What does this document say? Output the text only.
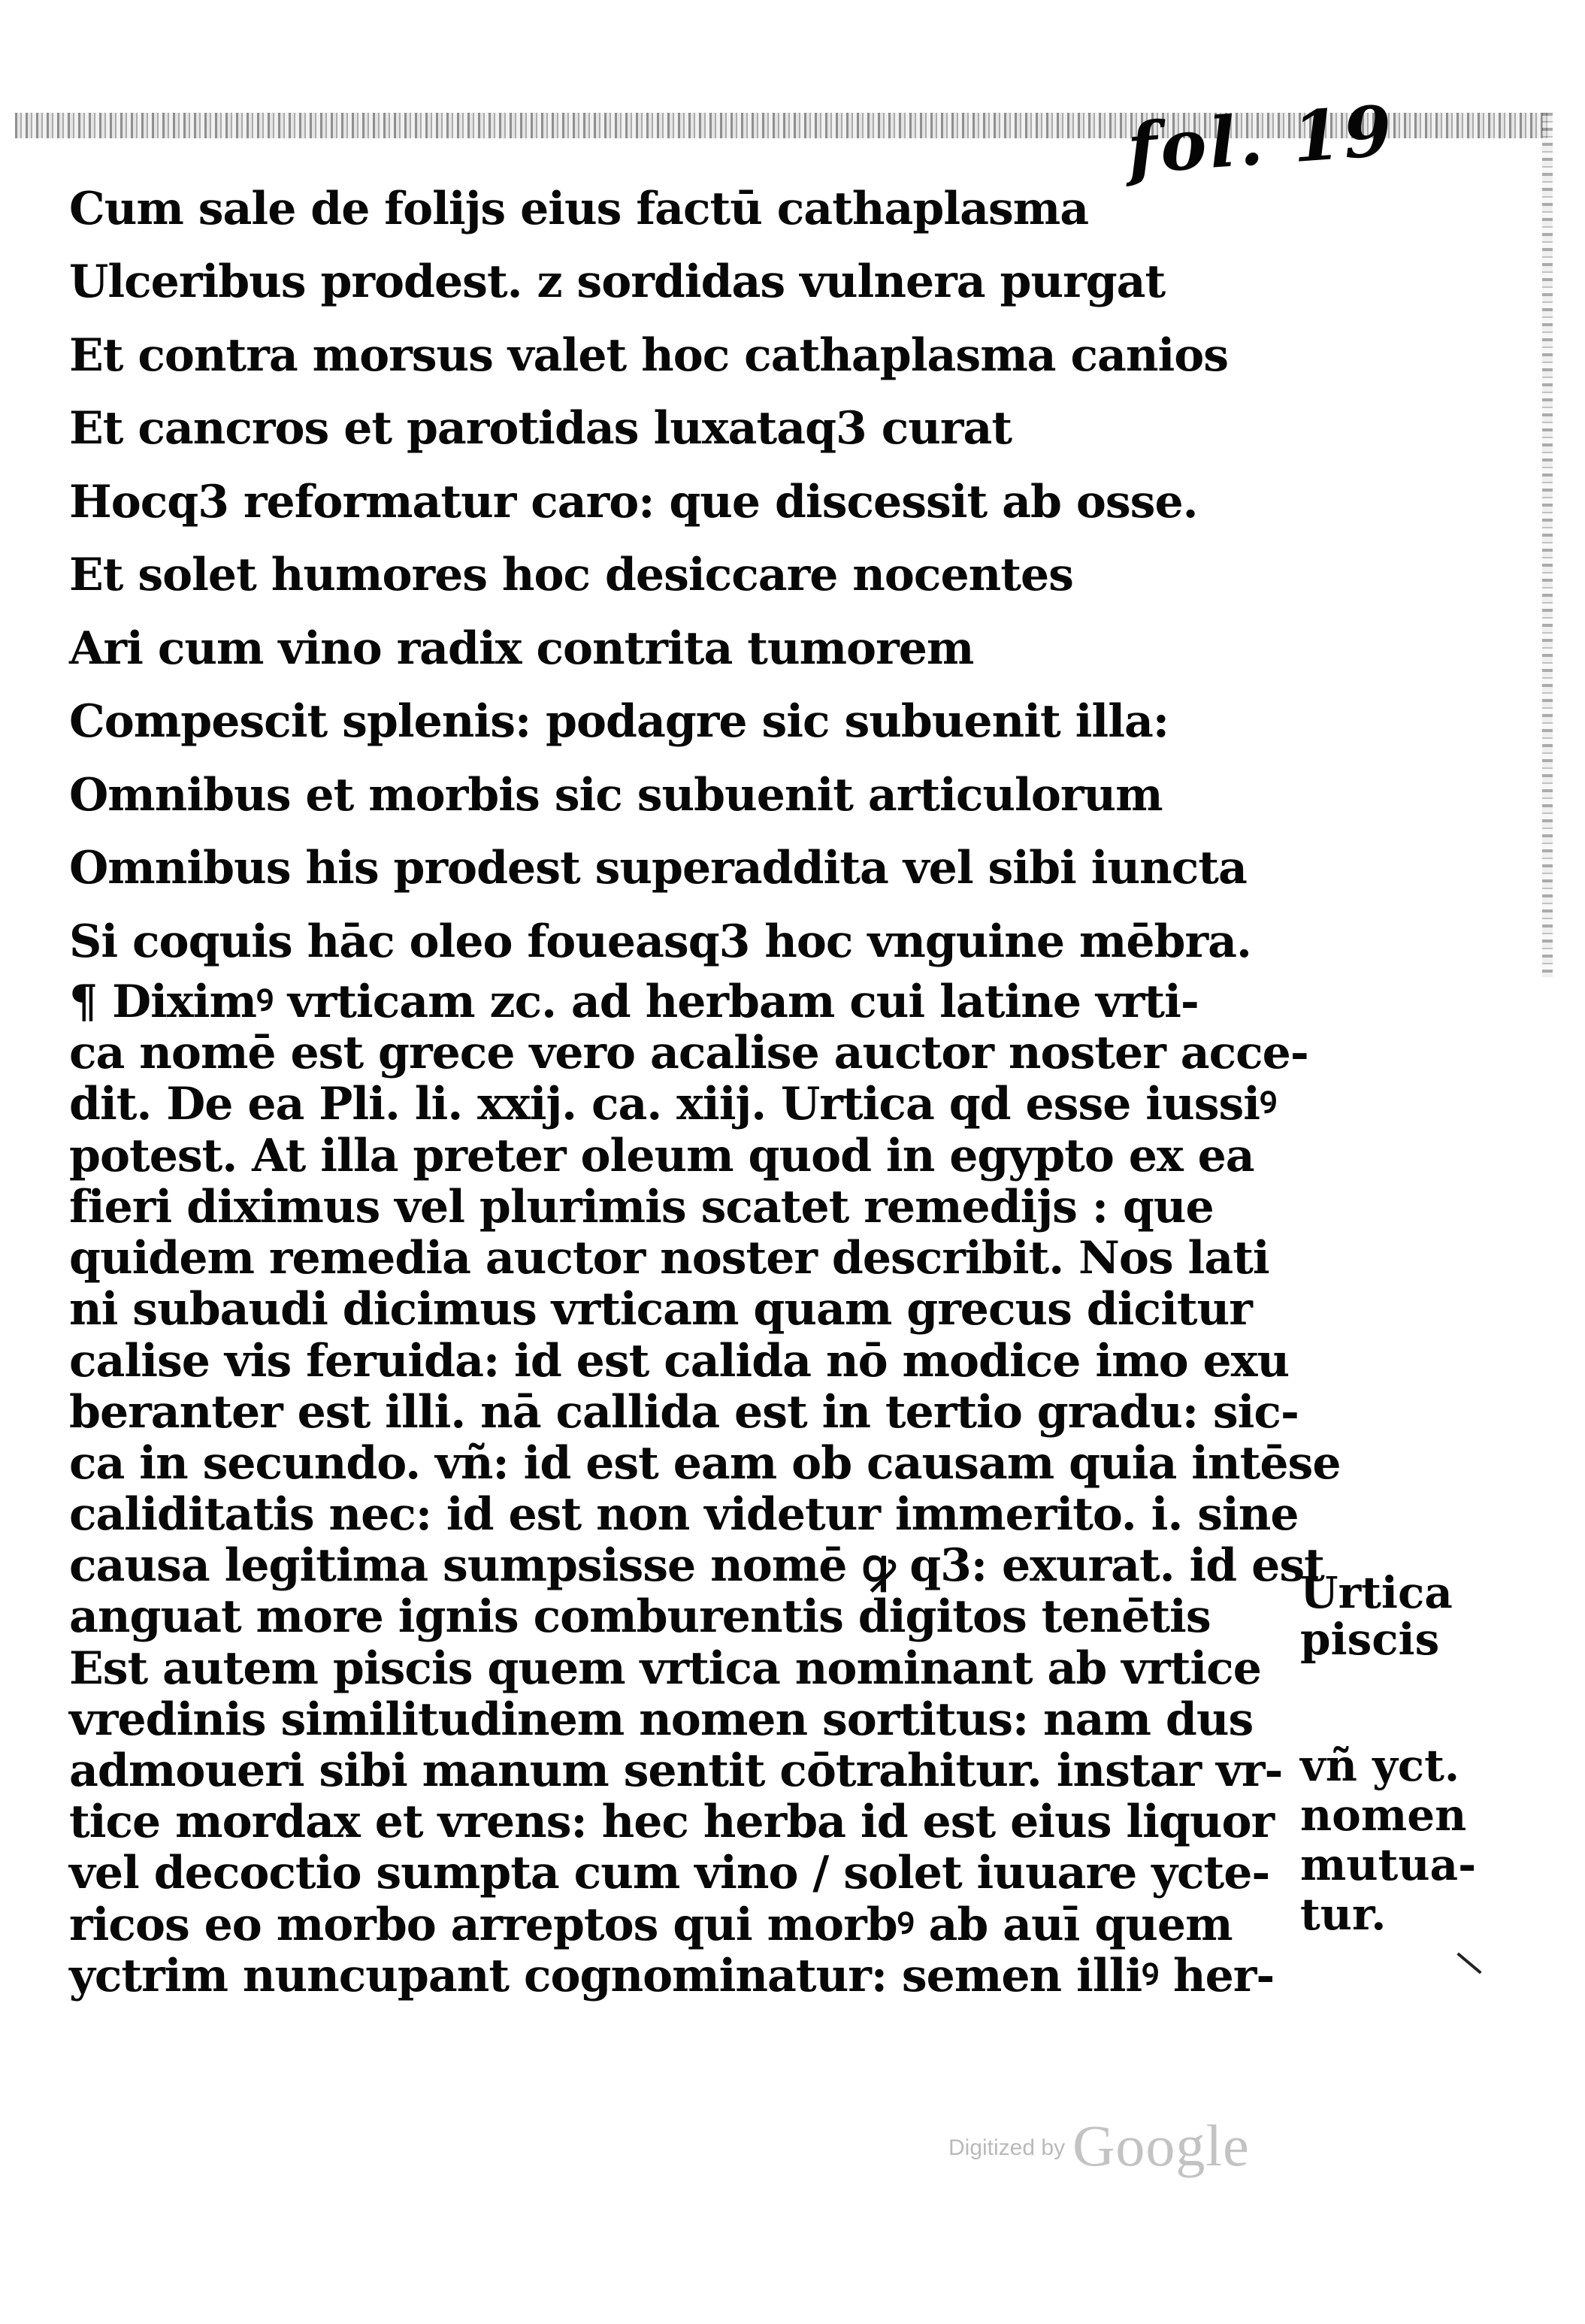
fol. 19
Cum sale de folijs eius factū cathaplasma
Ulceribus prodest. z sordidas vulnera purgat
Et contra morsus valet hoc cathaplasma canios
Et cancros et parotidas luxataq3 curat
Hocq3 reformatur caro: que discessit ab osse.
Et solet humores hoc desiccare nocentes
Ari cum vino radix contrita tumorem
Compescit splenis: podagre sic subuenit illa:
Omnibus et morbis sic subuenit articulorum
Omnibus his prodest superaddita vel sibi iuncta
Si coquis hāc oleo foueasq3 hoc vnguine mēbra.
¶ Diximꝰ vrticam zc. ad herbam cui latine vrti-
ca nomē est grece vero acalise auctor noster acce-
dit. De ea Pli. li. xxij. ca. xiij. Urtica qd esse iussiꝰ
potest. At illa preter oleum quod in egypto ex ea
fieri diximus vel plurimis scatet remedijs : que
quidem remedia auctor noster describit. Nos lati
ni subaudi dicimus vrticam quam grecus dicitur
calise vis feruida: id est calida nō modice imo exu
beranter est illi. nā callida est in tertio gradu: sic-
ca in secundo. vñ: id est eam ob causam quia intēse
caliditatis nec: id est non videtur immerito. i. sine
causa legitima sumpsisse nomē ꝙ q3: exurat. id est
anguat more ignis comburentis digitos tenētis
Est autem piscis quem vrtica nominant ab vrtice
vredinis similitudinem nomen sortitus: nam dus
admoueri sibi manum sentit cōtrahitur. instar vr-
tice mordax et vrens: hec herba id est eius liquor
vel decoctio sumpta cum vino / solet iuuare ycte-
ricos eo morbo arreptos qui morbꝰ ab auī quem
yctrim nuncupant cognominatur: semen illiꝰ her-
Urtica
piscis
vñ yct.
nomen
mutua-
tur.
Digitized by Google
